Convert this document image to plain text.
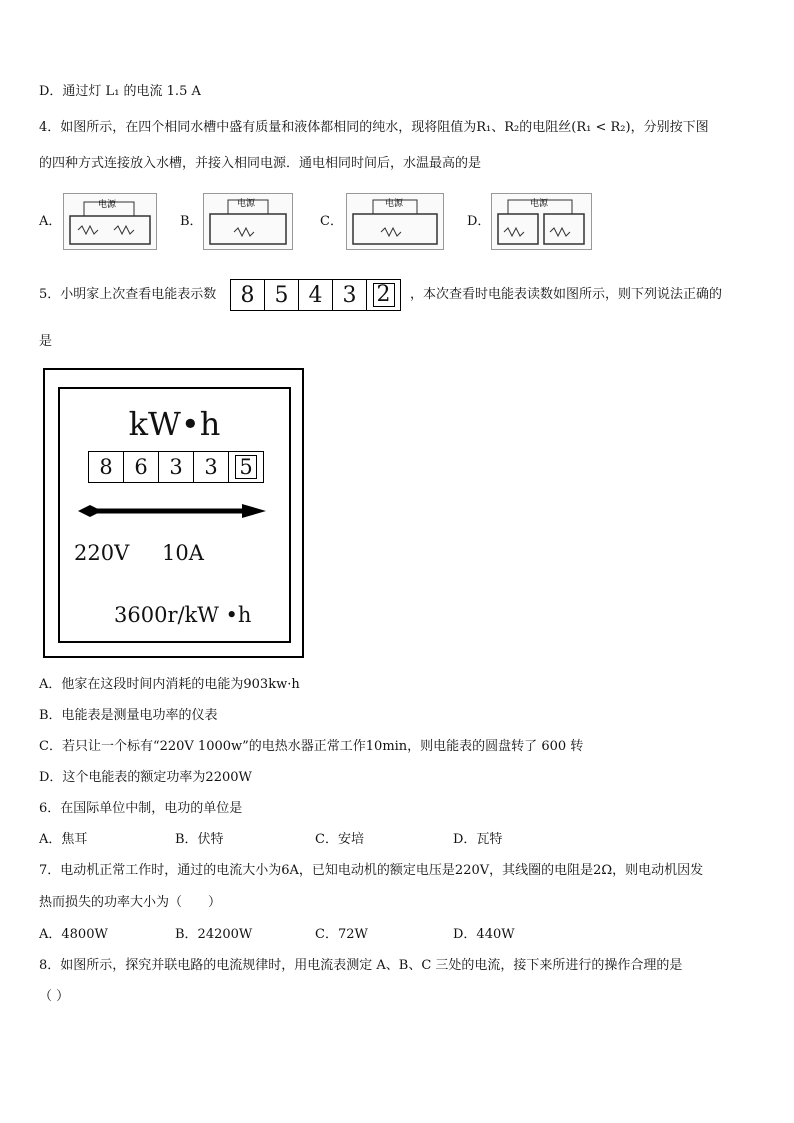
D．通过灯 L₁ 的电流 1.5 A
4．如图所示，在四个相同水槽中盛有质量和液体都相同的纯水，现将阻值为R₁、R₂的电阻丝(R₁ < R₂)，分别按下图
的四种方式连接放入水槽，并接入相同电源．通电相同时间后，水温最高的是
A．
电源
B．
电源
C．
电源
D．
电源
5．小明家上次查看电能表示数	8 5 4 3 2	，本次查看时电能表读数如图所示，则下列说法正确的
是
kW•h
8	6	3	3	5
220V 10A
3600r/kW •h
A．他家在这段时间内消耗的电能为903kw·h
B．电能表是测量电功率的仪表
C．若只让一个标有“220V 1000w”的电热水器正常工作10min，则电能表的圆盘转了 600 转
D．这个电能表的额定功率为2200W
6．在国际单位中制，电功的单位是
A．焦耳	B．伏特	C．安培	D．瓦特
7．电动机正常工作时，通过的电流大小为6A，已知电动机的额定电压是220V，其线圈的电阻是2Ω，则电动机因发
热而损失的功率大小为（　　）
A．4800W	B．24200W	C．72W	D．440W
8．如图所示，探究并联电路的电流规律时，用电流表测定 A、B、C 三处的电流，接下来所进行的操作合理的是
（ ）
